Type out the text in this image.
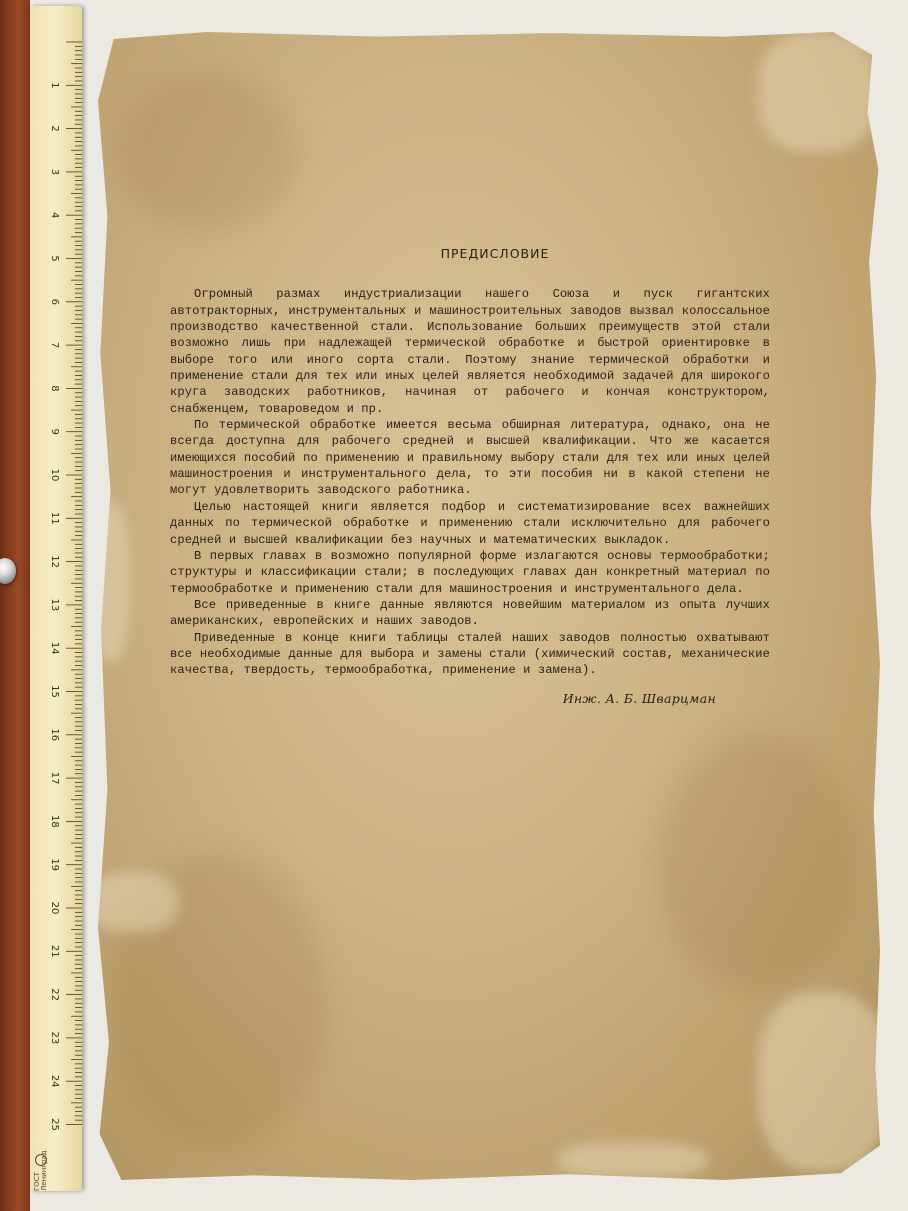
1
2
3
4
5
6
7
8
9
10
11
12
13
14
15
16
17
18
19
20
21
22
23
24
25
ГОСТ Ленинград
ПРЕДИСЛОВИЕ

Огромный размах индустриализации нашего Союза и пуск гигантских автотракторных, инструментальных и машиностроительных заводов вызвал колоссальное производство качественной стали. Использование больших преимуществ этой стали возможно лишь при надлежащей термической обработке и быстрой ориентировке в выборе того или иного сорта стали. Поэтому знание термической обработки и применение стали для тех или иных целей является необходимой задачей для широкого круга заводских работников, начиная от рабочего и кончая конструктором, снабженцем, товароведом и пр.

По термической обработке имеется весьма обширная литература, однако, она не всегда доступна для рабочего средней и высшей квалификации. Что же касается имеющихся пособий по применению и правильному выбору стали для тех или иных целей машиностроения и инструментального дела, то эти пособия ни в какой степени не могут удовлетворить заводского работника.

Целью настоящей книги является подбор и систематизирование всех важнейших данных по термической обработке и применению стали исключительно для рабочего средней и высшей квалификации без научных и математических выкладок.

В первых главах в возможно популярной форме излагаются основы термообработки; структуры и классификации стали; в последующих главах дан конкретный материал по термообработке и применению стали для машиностроения и инструментального дела.

Все приведенные в книге данные являются новейшим материалом из опыта лучших американских, европейских и наших заводов.

Приведенные в конце книги таблицы сталей наших заводов полностью охватывают все необходимые данные для выбора и замены стали (химический состав, механические качества, твердость, термообработка, применение и замена).

Инж. А. Б. Шварцман
